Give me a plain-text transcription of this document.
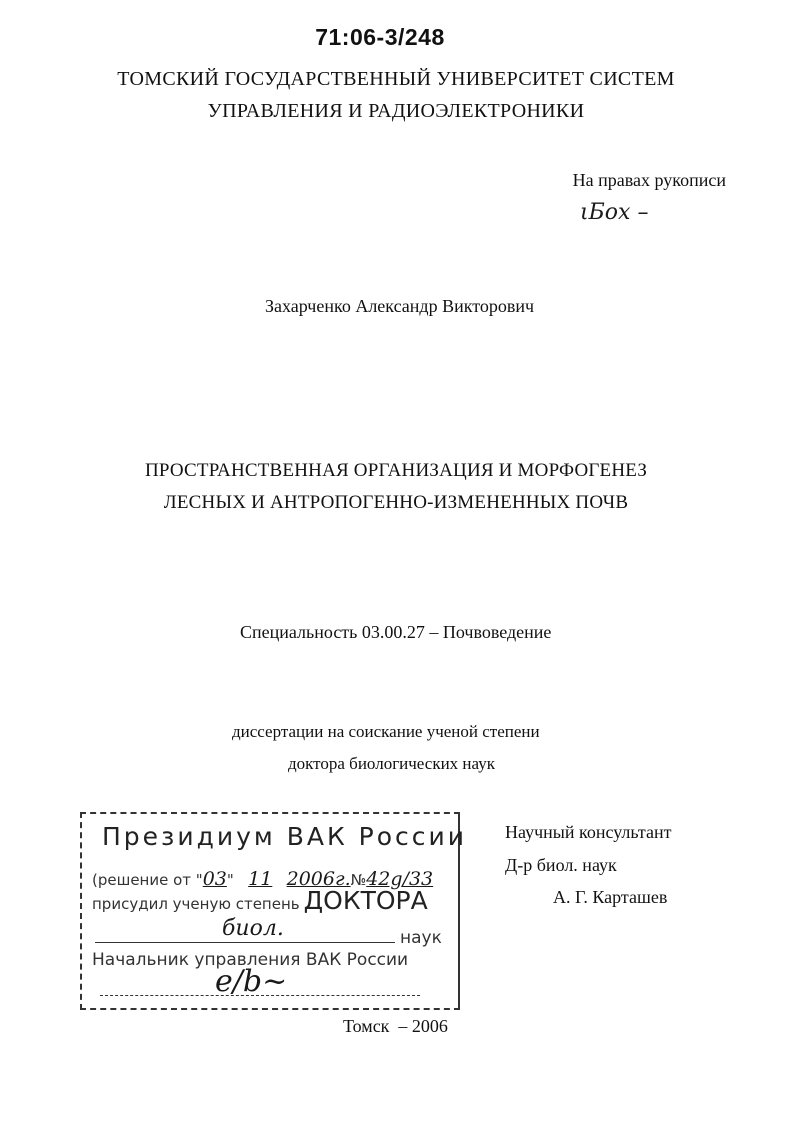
71:06-3/248
ТОМСКИЙ ГОСУДАРСТВЕННЫЙ УНИВЕРСИТЕТ СИСТЕМ
УПРАВЛЕНИЯ И РАДИОЭЛЕКТРОНИКИ
На правах рукописи
ιБох –
Захарченко Александр Викторович
ПРОСТРАНСТВЕННАЯ ОРГАНИЗАЦИЯ И МОРФОГЕНЕЗ
ЛЕСНЫХ И АНТРОПОГЕННО-ИЗМЕНЕННЫХ ПОЧВ
Специальность 03.00.27 – Почвоведение
диссертации на соискание ученой степени
доктора биологических наук
Научный консультант
Д-р биол. наук
А. Г. Карташев
Президиум ВАК России
(решение от "03" 11 2006г.№42g/33
присудил ученую степень ДОКТОРА
биол.	наук
Начальник управления ВАК России
e/b~
Томск  – 2006
